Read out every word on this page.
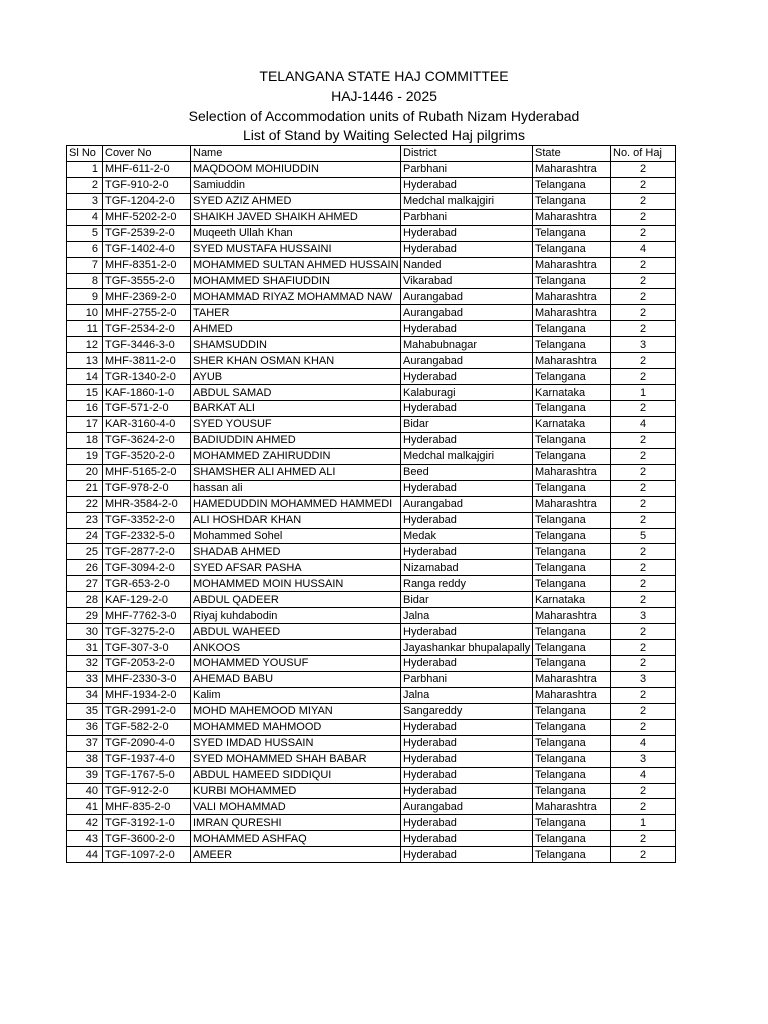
TELANGANA STATE HAJ COMMITTEE
HAJ-1446 - 2025
Selection of Accommodation units of Rubath Nizam Hyderabad
List of Stand by Waiting Selected Haj pilgrims
Sl No	Cover No	Name	District	State	No. of Haj
1	MHF-611-2-0	MAQDOOM MOHIUDDIN	Parbhani	Maharashtra	2
2	TGF-910-2-0	Samiuddin	Hyderabad	Telangana	2
3	TGF-1204-2-0	SYED AZIZ AHMED	Medchal malkajgiri	Telangana	2
4	MHF-5202-2-0	SHAIKH JAVED SHAIKH AHMED	Parbhani	Maharashtra	2
5	TGF-2539-2-0	Muqeeth Ullah Khan	Hyderabad	Telangana	2
6	TGF-1402-4-0	SYED MUSTAFA HUSSAINI	Hyderabad	Telangana	4
7	MHF-8351-2-0	MOHAMMED SULTAN AHMED HUSSAIN	Nanded	Maharashtra	2
8	TGF-3555-2-0	MOHAMMED SHAFIUDDIN	Vikarabad	Telangana	2
9	MHF-2369-2-0	MOHAMMAD RIYAZ MOHAMMAD NAW	Aurangabad	Maharashtra	2
10	MHF-2755-2-0	TAHER	Aurangabad	Maharashtra	2
11	TGF-2534-2-0	AHMED	Hyderabad	Telangana	2
12	TGF-3446-3-0	SHAMSUDDIN	Mahabubnagar	Telangana	3
13	MHF-3811-2-0	SHER KHAN OSMAN KHAN	Aurangabad	Maharashtra	2
14	TGR-1340-2-0	AYUB	Hyderabad	Telangana	2
15	KAF-1860-1-0	ABDUL SAMAD	Kalaburagi	Karnataka	1
16	TGF-571-2-0	BARKAT ALI	Hyderabad	Telangana	2
17	KAR-3160-4-0	SYED YOUSUF	Bidar	Karnataka	4
18	TGF-3624-2-0	BADIUDDIN AHMED	Hyderabad	Telangana	2
19	TGF-3520-2-0	MOHAMMED ZAHIRUDDIN	Medchal malkajgiri	Telangana	2
20	MHF-5165-2-0	SHAMSHER ALI AHMED ALI	Beed	Maharashtra	2
21	TGF-978-2-0	hassan ali	Hyderabad	Telangana	2
22	MHR-3584-2-0	HAMEDUDDIN MOHAMMED HAMMEDI	Aurangabad	Maharashtra	2
23	TGF-3352-2-0	ALI HOSHDAR KHAN	Hyderabad	Telangana	2
24	TGF-2332-5-0	Mohammed Sohel	Medak	Telangana	5
25	TGF-2877-2-0	SHADAB AHMED	Hyderabad	Telangana	2
26	TGF-3094-2-0	SYED AFSAR PASHA	Nizamabad	Telangana	2
27	TGR-653-2-0	MOHAMMED MOIN HUSSAIN	Ranga reddy	Telangana	2
28	KAF-129-2-0	ABDUL QADEER	Bidar	Karnataka	2
29	MHF-7762-3-0	Riyaj kuhdabodin	Jalna	Maharashtra	3
30	TGF-3275-2-0	ABDUL WAHEED	Hyderabad	Telangana	2
31	TGF-307-3-0	ANKOOS	Jayashankar bhupalapally	Telangana	2
32	TGF-2053-2-0	MOHAMMED YOUSUF	Hyderabad	Telangana	2
33	MHF-2330-3-0	AHEMAD BABU	Parbhani	Maharashtra	3
34	MHF-1934-2-0	Kalim	Jalna	Maharashtra	2
35	TGR-2991-2-0	MOHD MAHEMOOD MIYAN	Sangareddy	Telangana	2
36	TGF-582-2-0	MOHAMMED MAHMOOD	Hyderabad	Telangana	2
37	TGF-2090-4-0	SYED IMDAD HUSSAIN	Hyderabad	Telangana	4
38	TGF-1937-4-0	SYED MOHAMMED SHAH BABAR	Hyderabad	Telangana	3
39	TGF-1767-5-0	ABDUL HAMEED SIDDIQUI	Hyderabad	Telangana	4
40	TGF-912-2-0	KURBI MOHAMMED	Hyderabad	Telangana	2
41	MHF-835-2-0	VALI MOHAMMAD	Aurangabad	Maharashtra	2
42	TGF-3192-1-0	IMRAN QURESHI	Hyderabad	Telangana	1
43	TGF-3600-2-0	MOHAMMED ASHFAQ	Hyderabad	Telangana	2
44	TGF-1097-2-0	AMEER	Hyderabad	Telangana	2
